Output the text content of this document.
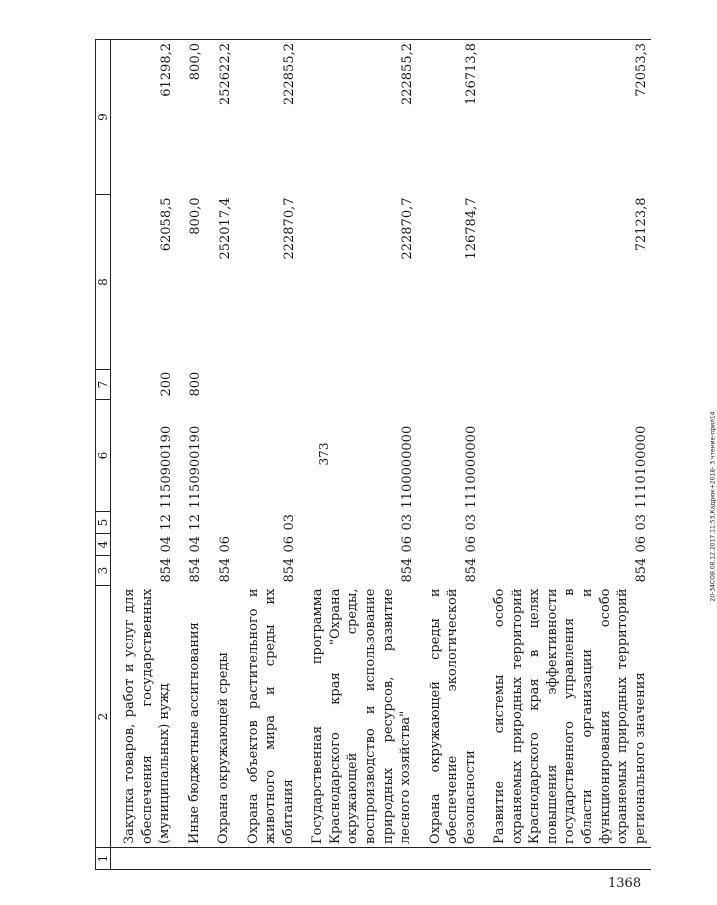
373	20-34СОВ.08.12.2017.11:53.Кадрюк+2018- 3 чтение-прил14
1368
1	2	3	4	5	6	7	8	9
	Закупка товаров, работ и услуг для обеспечения государственных (муниципальных) нужд	854	04	12	1150900190	200	62058,5	61298,2
	Иные бюджетные ассигнования	854	04	12	1150900190	800	800,0	800,0
	Охрана окружающей среды	854	06				252017,4	252622,2
	Охрана объектов растительного и животного мира и среды их обитания	854	06	03			222870,7	222855,2
	Государственная программа Краснодарского края "Охрана окружающей среды, воспроизводство и использование природных ресурсов, развитие лесного хозяйства"	854	06	03	1100000000		222870,7	222855,2
	Охрана окружающей среды и обеспечение экологической безопасности	854	06	03	1110000000		126784,7	126713,8
	Развитие системы особо охраняемых природных территорий Краснодарского края в целях повышения эффективности государственного управления в области организации и функционирования особо охраняемых природных территорий регионального значения	854	06	03	1110100000		72123,8	72053,3
